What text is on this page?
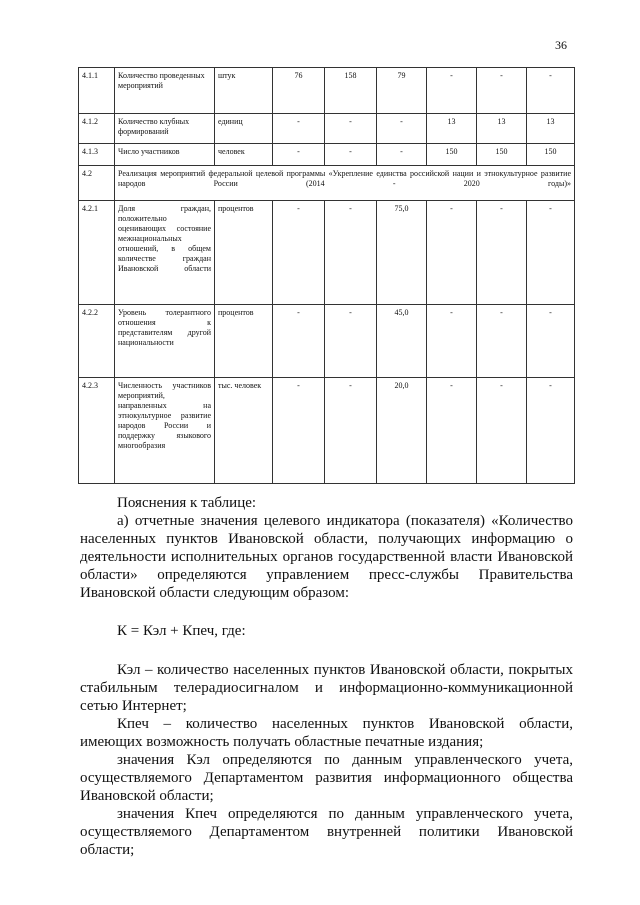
36
4.1.1	Количество проведенных мероприятий	штук	76	158	79	-	-	-
4.1.2	Количество клубных формирований	единиц	-	-	-	13	13	13
4.1.3	Число участников	человек	-	-	-	150	150	150
4.2	Реализация мероприятий федеральной целевой программы «Укрепление единства российской нации и этнокультурное развитие народов России (2014 - 2020 годы)»							
4.2.1	Доля граждан, положительно оценивающих состояние межнациональных отношений, в общем количестве граждан Ивановской области	процентов	-	-	75,0	-	-	-
4.2.2	Уровень толерантного отношения к представителям другой национальности	процентов	-	-	45,0	-	-	-
4.2.3	Численность участников мероприятий, направленных на этнокультурное развитие народов России и поддержку языкового многообразия	тыс. человек	-	-	20,0	-	-	-

Пояснения к таблице:

а) отчетные значения целевого индикатора (показателя) «Количество населенных пунктов Ивановской области, получающих информацию о деятельности исполнительных органов государственной власти Ивановской области» определяются управлением пресс-службы Правительства Ивановской области следующим образом:

К = Кэл + Кпеч, где:

Кэл – количество населенных пунктов Ивановской области, покрытых стабильным телерадиосигналом и информационно-коммуникационной сетью Интернет;

Кпеч – количество населенных пунктов Ивановской области, имеющих возможность получать областные печатные издания;

значения Кэл определяются по данным управленческого учета, осуществляемого Департаментом развития информационного общества Ивановской области;

значения Кпеч определяются по данным управленческого учета, осуществляемого Департаментом внутренней политики Ивановской области;
